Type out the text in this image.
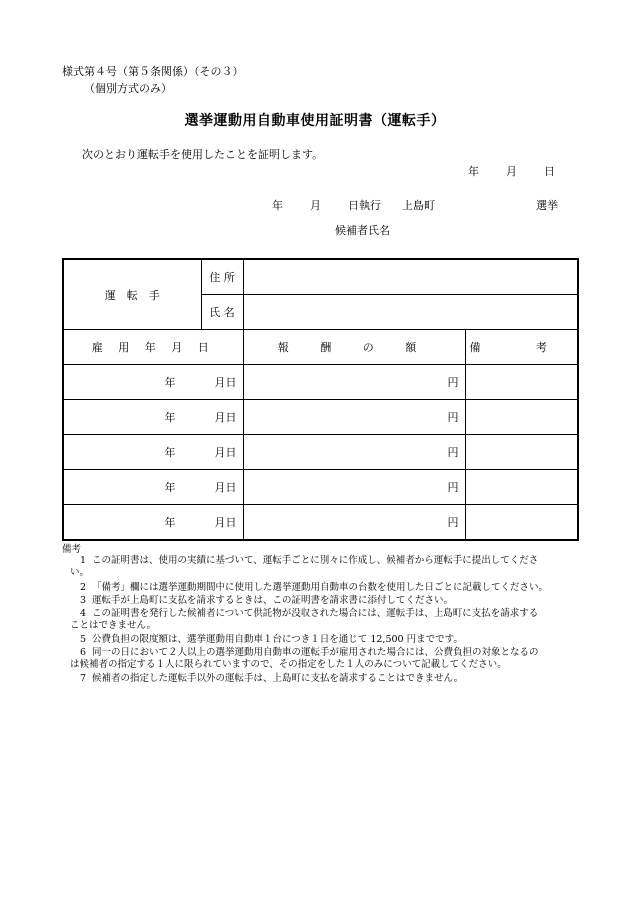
様式第４号（第５条関係）（その３）
（個別方式のみ）
選挙運動用自動車使用証明書（運転手）
次のとおり運転手を使用したことを証明します。
年 月 日
年 月 日執行 上島町	選挙
候補者氏名
運　転　手	住 所		
	氏 名		
雇 用 年 月 日		報 酬 の 額	備 考
年 月日		円	
年 月日		円	
年 月日		円	
年 月日		円	
年 月日		円	
備考
1 この証明書は、使用の実績に基づいて、運転手ごとに別々に作成し、候補者から運転手に提出してくださ
い。
2 「備考」欄には選挙運動期間中に使用した選挙運動用自動車の台数を使用した日ごとに記載してください。
3 運転手が上島町に支払を請求するときは、この証明書を請求書に添付してください。
4 この証明書を発行した候補者について供託物が没収された場合には、運転手は、上島町に支払を請求する
ことはできません。
5 公費負担の限度額は、選挙運動用自動車１台につき１日を通じて 12,500 円までです。
6 同一の日において２人以上の選挙運動用自動車の運転手が雇用された場合には、公費負担の対象となるの
は候補者の指定する１人に限られていますので、その指定をした１人のみについて記載してください。
7 候補者の指定した運転手以外の運転手は、上島町に支払を請求することはできません。
